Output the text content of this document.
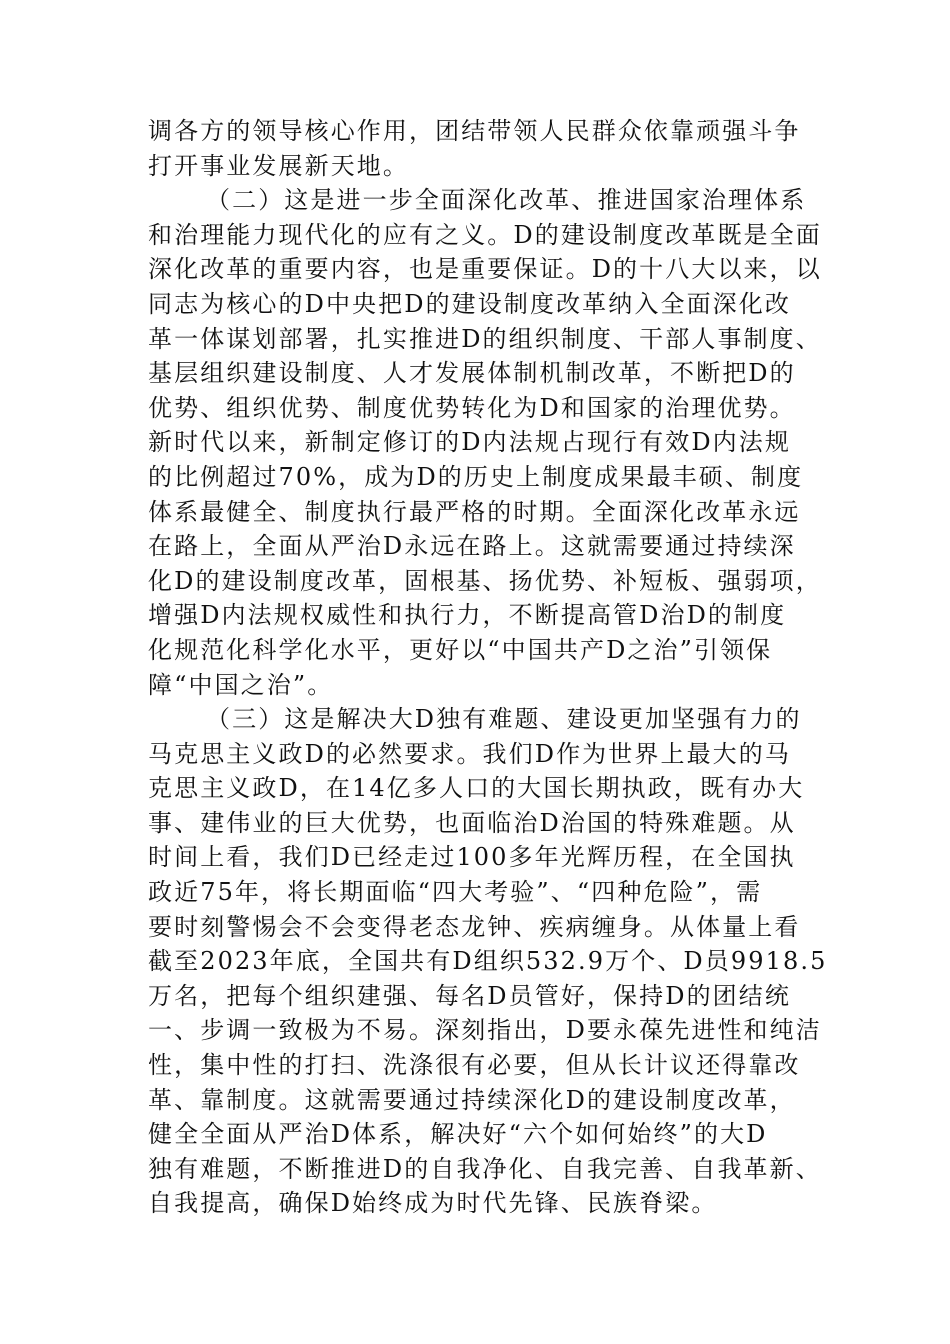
调各方的领导核心作用，团结带领人民群众依靠顽强斗争
打开事业发展新天地。
（二）这是进一步全面深化改革、推进国家治理体系
和治理能力现代化的应有之义。D的建设制度改革既是全面
深化改革的重要内容，也是重要保证。D的十八大以来，以
同志为核心的D中央把D的建设制度改革纳入全面深化改
革一体谋划部署，扎实推进D的组织制度、干部人事制度、
基层组织建设制度、人才发展体制机制改革，不断把D的
优势、组织优势、制度优势转化为D和国家的治理优势。
新时代以来，新制定修订的D内法规占现行有效D内法规
的比例超过70%，成为D的历史上制度成果最丰硕、制度
体系最健全、制度执行最严格的时期。全面深化改革永远
在路上，全面从严治D永远在路上。这就需要通过持续深
化D的建设制度改革，固根基、扬优势、补短板、强弱项，
增强D内法规权威性和执行力，不断提高管D治D的制度
化规范化科学化水平，更好以“中国共产D之治”引领保
障“中国之治”。
（三）这是解决大D独有难题、建设更加坚强有力的
马克思主义政D的必然要求。我们D作为世界上最大的马
克思主义政D，在14亿多人口的大国长期执政，既有办大
事、建伟业的巨大优势，也面临治D治国的特殊难题。从
时间上看，我们D已经走过100多年光辉历程，在全国执
政近75年，将长期面临“四大考验”、“四种危险”，需
要时刻警惕会不会变得老态龙钟、疾病缠身。从体量上看
截至2023年底，全国共有D组织532.9万个、D员9918.5
万名，把每个组织建强、每名D员管好，保持D的团结统
一、步调一致极为不易。深刻指出，D要永葆先进性和纯洁
性，集中性的打扫、洗涤很有必要，但从长计议还得靠改
革、靠制度。这就需要通过持续深化D的建设制度改革，
健全全面从严治D体系，解决好“六个如何始终”的大D
独有难题，不断推进D的自我净化、自我完善、自我革新、
自我提高，确保D始终成为时代先锋、民族脊梁。
